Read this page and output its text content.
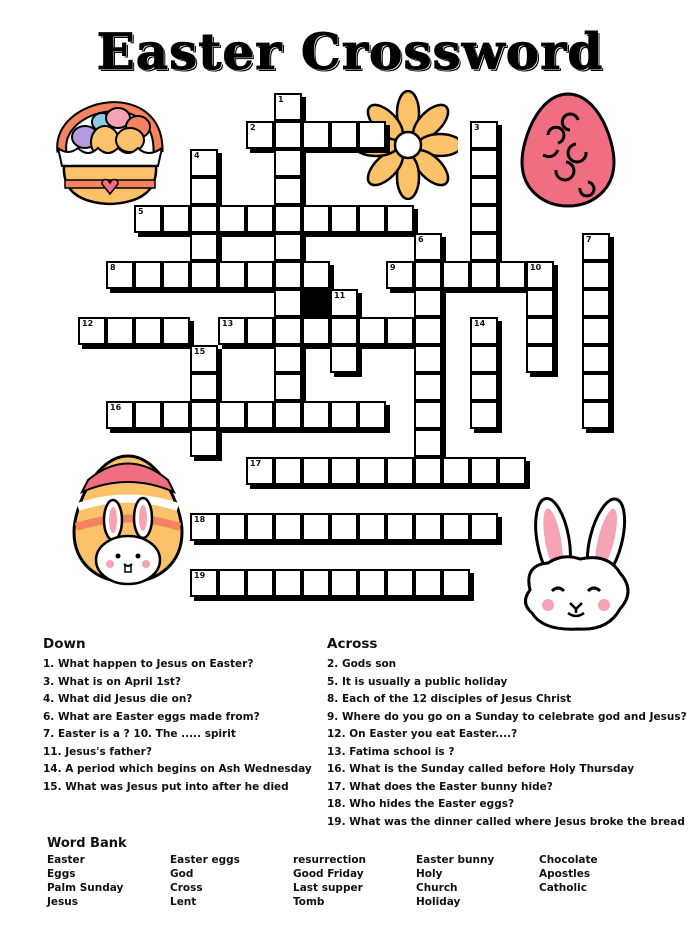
Easter Crossword
1
2	3
4
5
6	7
8	9	10
11
12	13	14
15
16
17
18
19
Down
1. What happen to Jesus on Easter?
3. What is on April 1st?
4. What did Jesus die on?
6. What are Easter eggs made from?
7. Easter is a ? 10. The ..... spirit
11. Jesus's father?
14. A period which begins on Ash Wednesday
15. What was Jesus put into after he died
Across
2. Gods son
5. It is usually a public holiday
8. Each of the 12 disciples of Jesus Christ
9. Where do you go on a Sunday to celebrate god and Jesus?
12. On Easter you eat Easter....?
13. Fatima school is ?
16. What is the Sunday called before Holy Thursday
17. What does the Easter bunny hide?
18. Who hides the Easter eggs?
19. What was the dinner called where Jesus broke the bread
Word Bank
Easter
Eggs
Palm Sunday
Jesus
Easter eggs
God
Cross
Lent
resurrection
Good Friday
Last supper
Tomb
Easter bunny
Holy
Church
Holiday
Chocolate
Apostles
Catholic
